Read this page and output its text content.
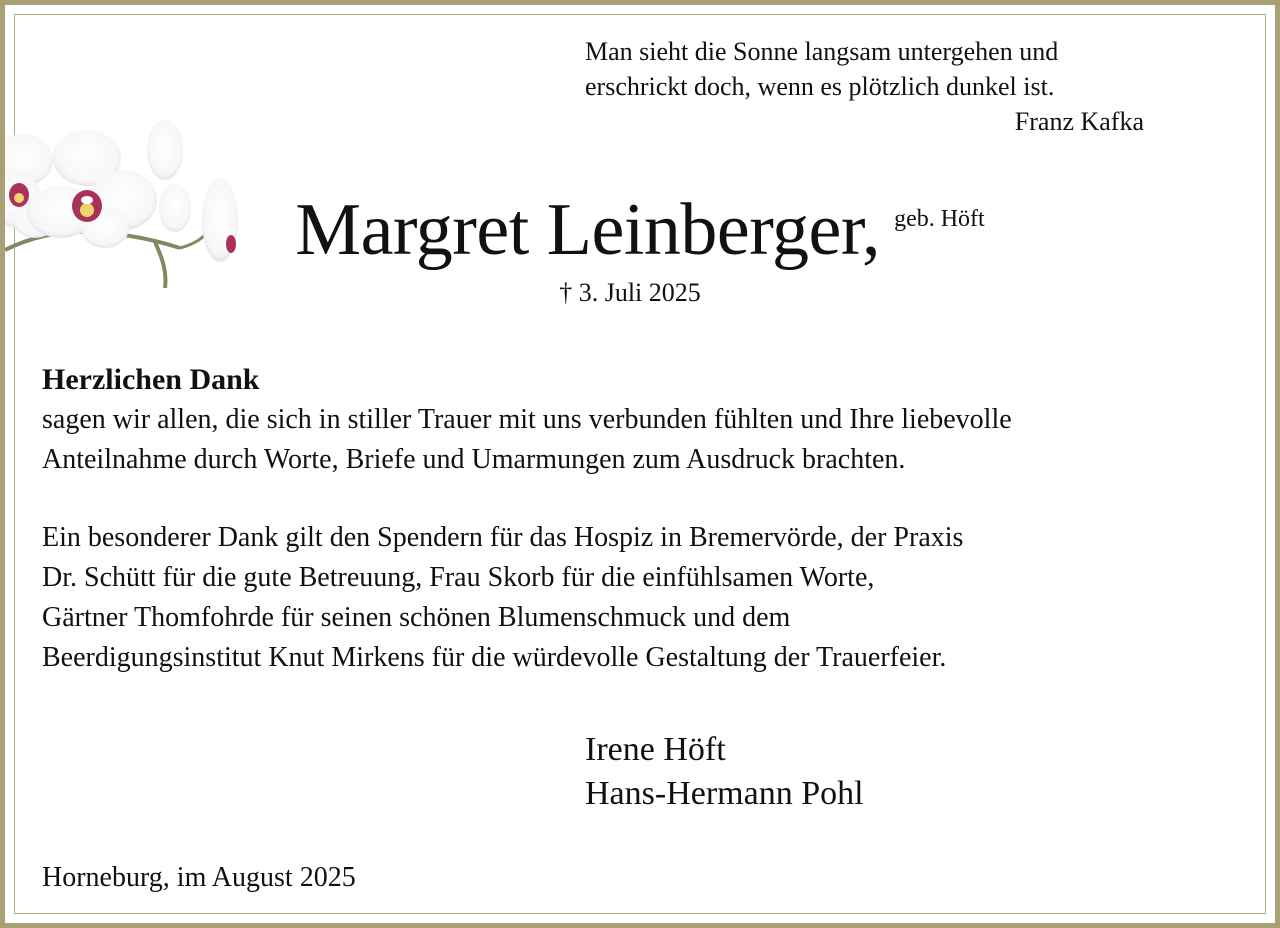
Man sieht die Sonne langsam untergehen und
erschrickt doch, wenn es plötzlich dunkel ist.
Franz Kafka
Margret Leinberger, geb. Höft
† 3. Juli 2025
Herzlichen Dank
sagen wir allen, die sich in stiller Trauer mit uns verbunden fühlten und Ihre liebevolle
Anteilnahme durch Worte, Briefe und Umarmungen zum Ausdruck brachten.
Ein besonderer Dank gilt den Spendern für das Hospiz in Bremervörde, der Praxis
Dr. Schütt für die gute Betreuung, Frau Skorb für die einfühlsamen Worte,
Gärtner Thomfohrde für seinen schönen Blumenschmuck und dem
Beerdigungsinstitut Knut Mirkens für die würdevolle Gestaltung der Trauerfeier.
Irene Höft
Hans-Hermann Pohl
Horneburg, im August 2025
